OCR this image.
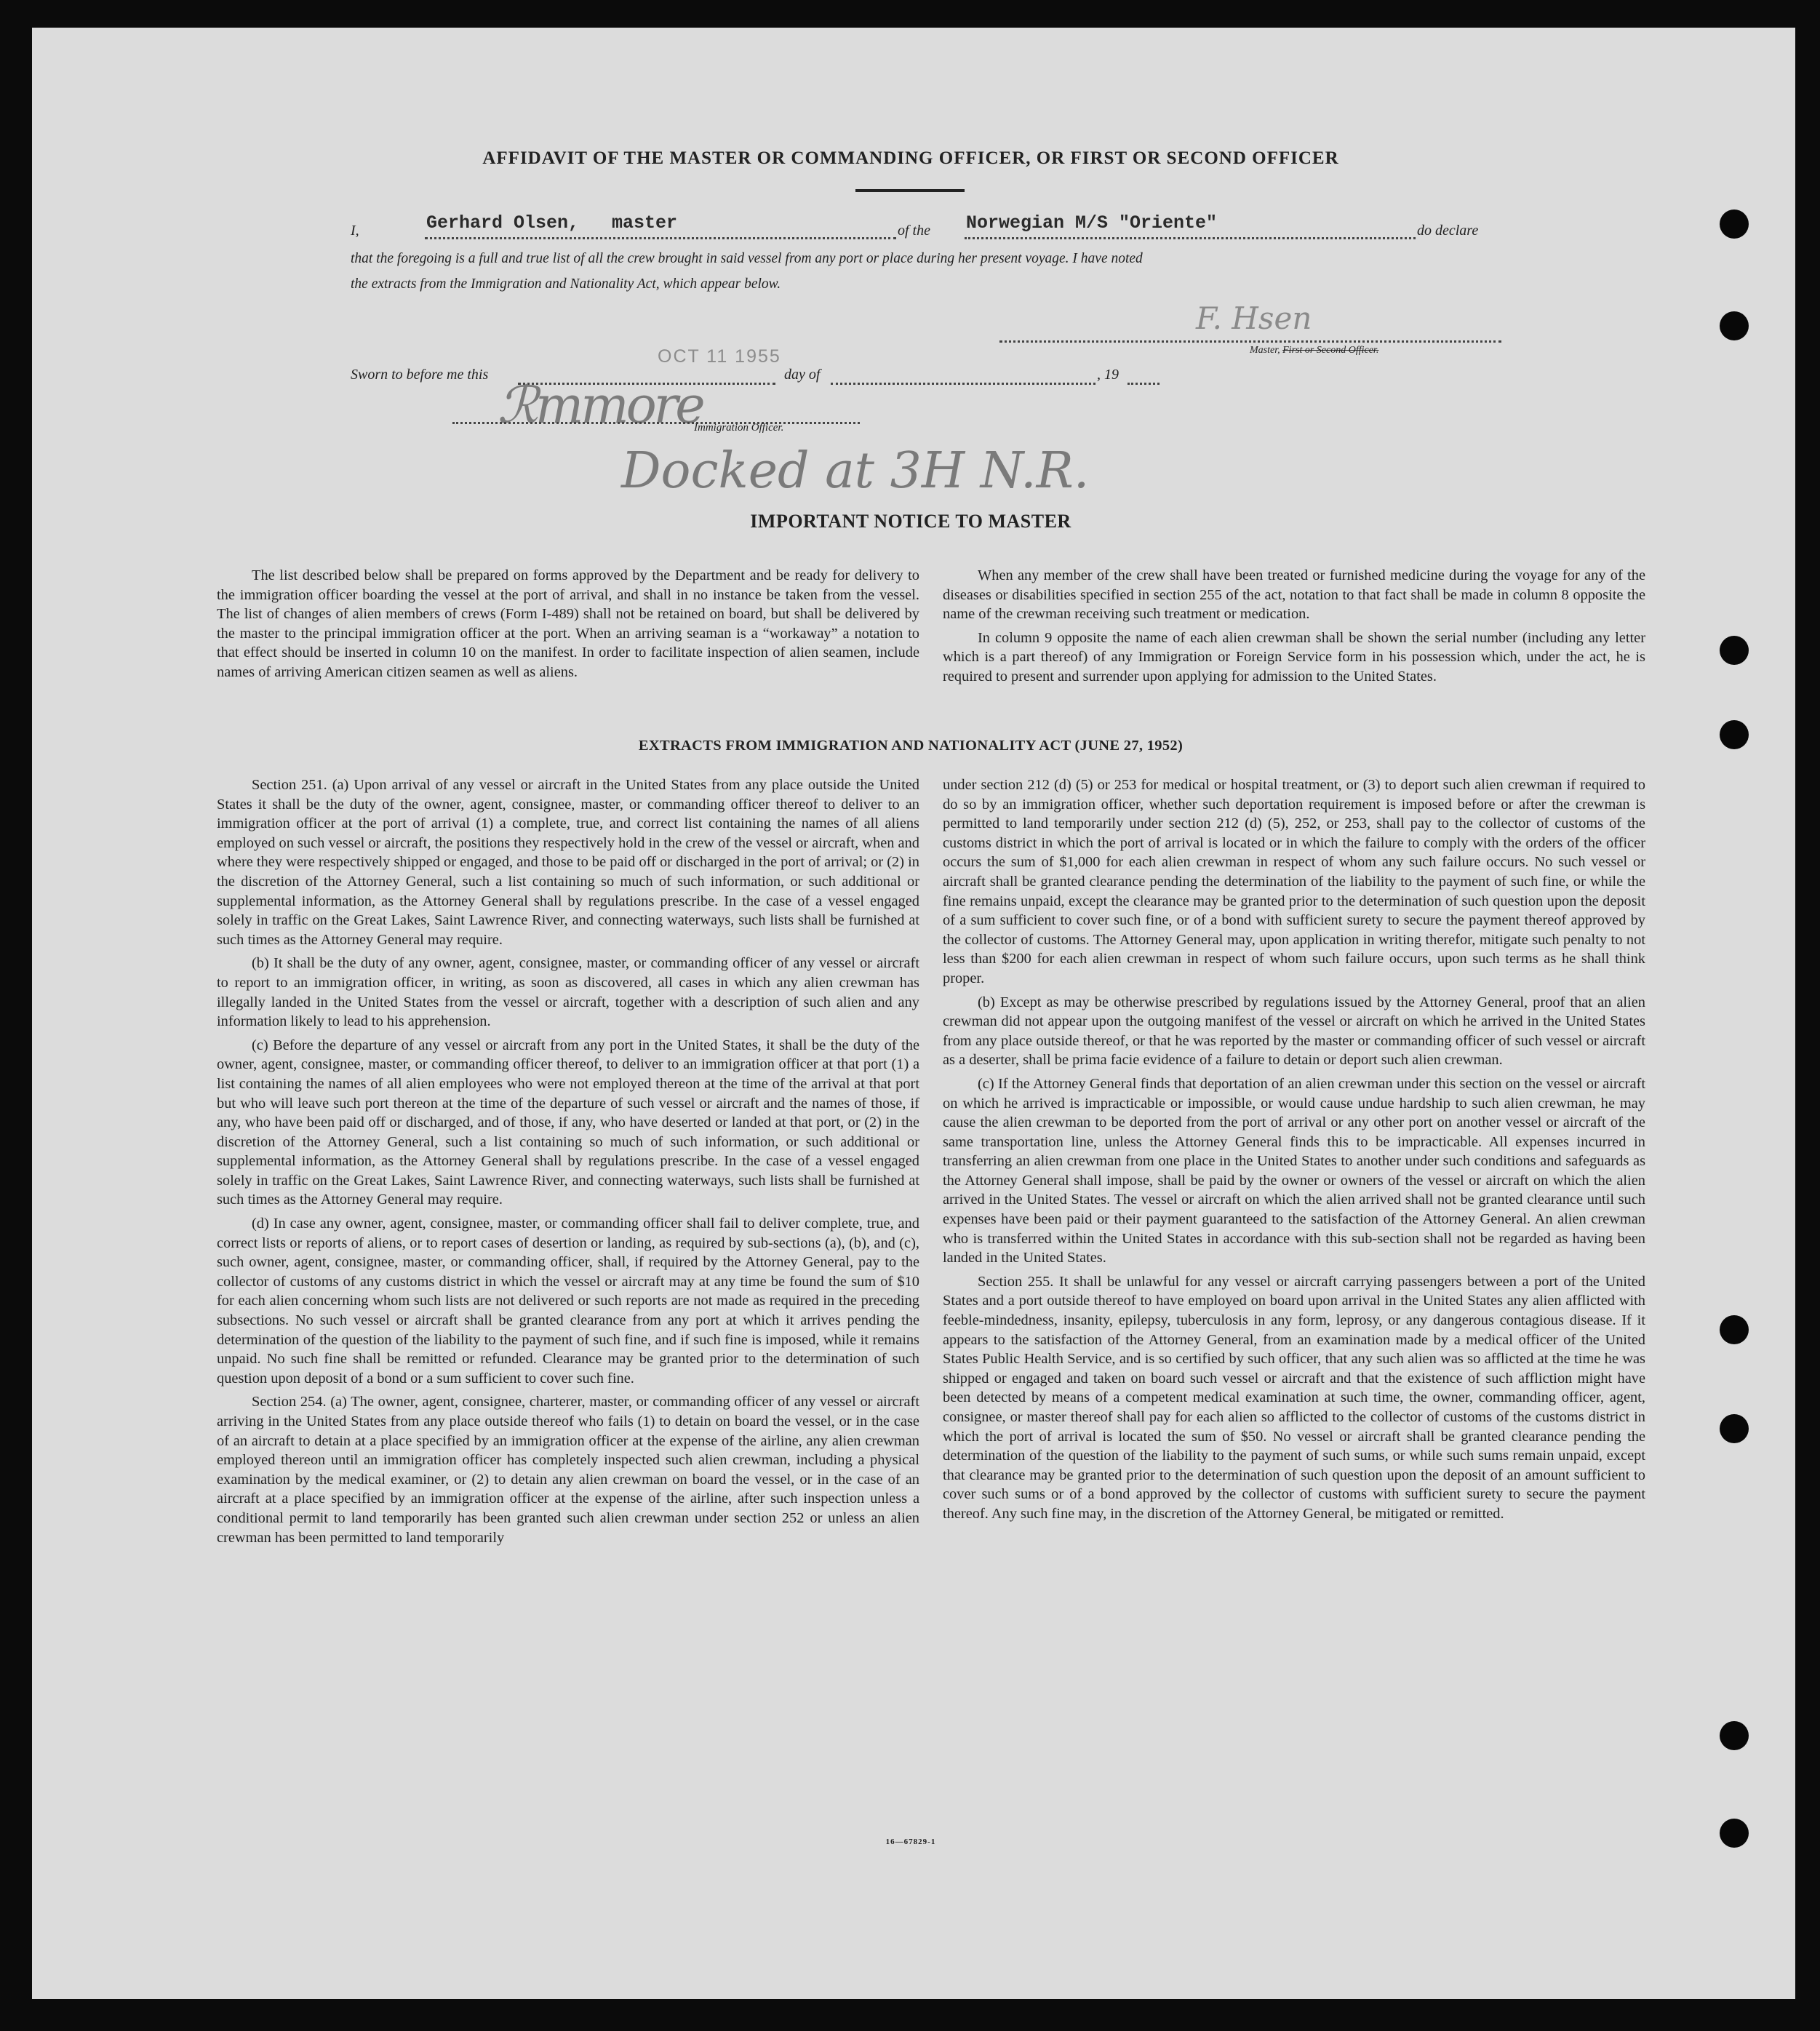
AFFIDAVIT OF THE MASTER OR COMMANDING OFFICER, OR FIRST OR SECOND OFFICER
I,	Gerhard Olsen,   master	of the Norwegian M/S "Oriente"	do declare
that the foregoing is a full and true list of all the crew brought in said vessel from any port or place during her present voyage. I have noted
the extracts from the Immigration and Nationality Act, which appear below.
F. Hsen
Master, First or Second Officer.
Sworn to before me this
OCT 11 1955
day of	, 19
ℛmmore
Immigration Officer.
Docked at 3H N.R.
IMPORTANT NOTICE TO MASTER

The list described below shall be prepared on forms approved by the Department and be ready for delivery to the immigration officer boarding the vessel at the port of arrival, and shall in no instance be taken from the vessel. The list of changes of alien members of crews (Form I-489) shall not be retained on board, but shall be delivered by the master to the principal immigration officer at the port. When an arriving seaman is a “workaway” a notation to that effect should be inserted in column 10 on the manifest. In order to facilitate inspection of alien seamen, include names of arriving American citizen seamen as well as aliens.

When any member of the crew shall have been treated or furnished medicine during the voyage for any of the diseases or disabilities specified in section 255 of the act, notation to that fact shall be made in column 8 opposite the name of the crewman receiving such treatment or medication.

In column 9 opposite the name of each alien crewman shall be shown the serial number (including any letter which is a part thereof) of any Immigration or Foreign Service form in his possession which, under the act, he is required to present and surrender upon applying for admission to the United States.

EXTRACTS FROM IMMIGRATION AND NATIONALITY ACT (JUNE 27, 1952)

Section 251. (a) Upon arrival of any vessel or aircraft in the United States from any place outside the United States it shall be the duty of the owner, agent, consignee, master, or commanding officer thereof to deliver to an immigration officer at the port of arrival (1) a complete, true, and correct list containing the names of all aliens employed on such vessel or aircraft, the positions they respectively hold in the crew of the vessel or aircraft, when and where they were respectively shipped or engaged, and those to be paid off or discharged in the port of arrival; or (2) in the discretion of the Attorney General, such a list containing so much of such information, or such additional or supplemental information, as the Attorney General shall by regulations prescribe. In the case of a vessel engaged solely in traffic on the Great Lakes, Saint Lawrence River, and connecting waterways, such lists shall be furnished at such times as the Attorney General may require.

(b) It shall be the duty of any owner, agent, consignee, master, or commanding officer of any vessel or aircraft to report to an immigration officer, in writing, as soon as discovered, all cases in which any alien crewman has illegally landed in the United States from the vessel or aircraft, together with a description of such alien and any information likely to lead to his apprehension.

(c) Before the departure of any vessel or aircraft from any port in the United States, it shall be the duty of the owner, agent, consignee, master, or commanding officer thereof, to deliver to an immigration officer at that port (1) a list containing the names of all alien employees who were not employed thereon at the time of the arrival at that port but who will leave such port thereon at the time of the departure of such vessel or aircraft and the names of those, if any, who have been paid off or discharged, and of those, if any, who have deserted or landed at that port, or (2) in the discretion of the Attorney General, such a list containing so much of such information, or such additional or supplemental information, as the Attorney General shall by regulations prescribe. In the case of a vessel engaged solely in traffic on the Great Lakes, Saint Lawrence River, and connecting waterways, such lists shall be furnished at such times as the Attorney General may require.

(d) In case any owner, agent, consignee, master, or commanding officer shall fail to deliver complete, true, and correct lists or reports of aliens, or to report cases of desertion or landing, as required by sub-sections (a), (b), and (c), such owner, agent, consignee, master, or commanding officer, shall, if required by the Attorney General, pay to the collector of customs of any customs district in which the vessel or aircraft may at any time be found the sum of $10 for each alien concerning whom such lists are not delivered or such reports are not made as required in the preceding subsections. No such vessel or aircraft shall be granted clearance from any port at which it arrives pending the determination of the question of the liability to the payment of such fine, and if such fine is imposed, while it remains unpaid. No such fine shall be remitted or refunded. Clearance may be granted prior to the determination of such question upon deposit of a bond or a sum sufficient to cover such fine.

Section 254. (a) The owner, agent, consignee, charterer, master, or commanding officer of any vessel or aircraft arriving in the United States from any place outside thereof who fails (1) to detain on board the vessel, or in the case of an aircraft to detain at a place specified by an immigration officer at the expense of the airline, any alien crewman employed thereon until an immigration officer has completely inspected such alien crewman, including a physical examination by the medical examiner, or (2) to detain any alien crewman on board the vessel, or in the case of an aircraft at a place specified by an immigration officer at the expense of the airline, after such inspection unless a conditional permit to land temporarily has been granted such alien crewman under section 252 or unless an alien crewman has been permitted to land temporarily

under section 212 (d) (5) or 253 for medical or hospital treatment, or (3) to deport such alien crewman if required to do so by an immigration officer, whether such deportation requirement is imposed before or after the crewman is permitted to land temporarily under section 212 (d) (5), 252, or 253, shall pay to the collector of customs of the customs district in which the port of arrival is located or in which the failure to comply with the orders of the officer occurs the sum of $1,000 for each alien crewman in respect of whom any such failure occurs. No such vessel or aircraft shall be granted clearance pending the determination of the liability to the payment of such fine, or while the fine remains unpaid, except the clearance may be granted prior to the determination of such question upon the deposit of a sum sufficient to cover such fine, or of a bond with sufficient surety to secure the payment thereof approved by the collector of customs. The Attorney General may, upon application in writing therefor, mitigate such penalty to not less than $200 for each alien crewman in respect of whom such failure occurs, upon such terms as he shall think proper.

(b) Except as may be otherwise prescribed by regulations issued by the Attorney General, proof that an alien crewman did not appear upon the outgoing manifest of the vessel or aircraft on which he arrived in the United States from any place outside thereof, or that he was reported by the master or commanding officer of such vessel or aircraft as a deserter, shall be prima facie evidence of a failure to detain or deport such alien crewman.

(c) If the Attorney General finds that deportation of an alien crewman under this section on the vessel or aircraft on which he arrived is impracticable or impossible, or would cause undue hardship to such alien crewman, he may cause the alien crewman to be deported from the port of arrival or any other port on another vessel or aircraft of the same transportation line, unless the Attorney General finds this to be impracticable. All expenses incurred in transferring an alien crewman from one place in the United States to another under such conditions and safeguards as the Attorney General shall impose, shall be paid by the owner or owners of the vessel or aircraft on which the alien arrived in the United States. The vessel or aircraft on which the alien arrived shall not be granted clearance until such expenses have been paid or their payment guaranteed to the satisfaction of the Attorney General. An alien crewman who is transferred within the United States in accordance with this sub-section shall not be regarded as having been landed in the United States.

Section 255. It shall be unlawful for any vessel or aircraft carrying passengers between a port of the United States and a port outside thereof to have employed on board upon arrival in the United States any alien afflicted with feeble-mindedness, insanity, epilepsy, tuberculosis in any form, leprosy, or any dangerous contagious disease. If it appears to the satisfaction of the Attorney General, from an examination made by a medical officer of the United States Public Health Service, and is so certified by such officer, that any such alien was so afflicted at the time he was shipped or engaged and taken on board such vessel or aircraft and that the existence of such affliction might have been detected by means of a competent medical examination at such time, the owner, commanding officer, agent, consignee, or master thereof shall pay for each alien so afflicted to the collector of customs of the customs district in which the port of arrival is located the sum of $50. No vessel or aircraft shall be granted clearance pending the determination of the question of the liability to the payment of such sums, or while such sums remain unpaid, except that clearance may be granted prior to the determination of such question upon the deposit of an amount sufficient to cover such sums or of a bond approved by the collector of customs with sufficient surety to secure the payment thereof. Any such fine may, in the discretion of the Attorney General, be mitigated or remitted.

16—67829-1
